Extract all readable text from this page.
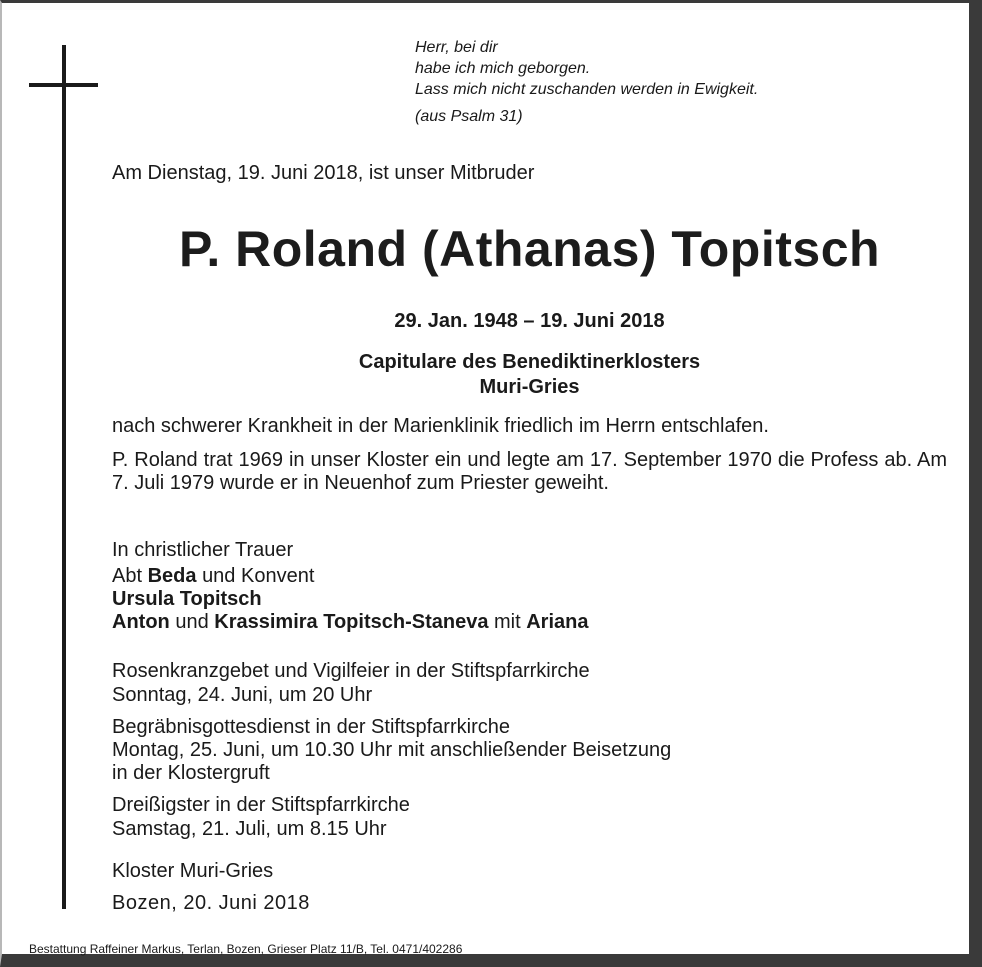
Herr, bei dir
habe ich mich geborgen.
Lass mich nicht zuschanden werden in Ewigkeit.
(aus Psalm 31)
Am Dienstag, 19. Juni 2018, ist unser Mitbruder
P. Roland (Athanas) Topitsch
29. Jan. 1948 – 19. Juni 2018
Capitulare des Benediktinerklosters
Muri-Gries
nach schwerer Krankheit in der Marienklinik friedlich im Herrn entschlafen.
P. Roland trat 1969 in unser Kloster ein und legte am 17. September 1970 die Profess ab. Am 7. Juli 1979 wurde er in Neuenhof zum Priester geweiht.
In christlicher Trauer
Abt Beda und Konvent
Ursula Topitsch
Anton und Krassimira Topitsch-Staneva mit Ariana
Rosenkranzgebet und Vigilfeier in der Stiftspfarrkirche
Sonntag, 24. Juni, um 20 Uhr
Begräbnisgottesdienst in der Stiftspfarrkirche
Montag, 25. Juni, um 10.30 Uhr mit anschließender Beisetzung
in der Klostergruft
Dreißigster in der Stiftspfarrkirche
Samstag, 21. Juli, um 8.15 Uhr
Kloster Muri-Gries
Bozen, 20. Juni 2018
Bestattung Raffeiner Markus, Terlan, Bozen, Grieser Platz 11/B, Tel. 0471/402286
